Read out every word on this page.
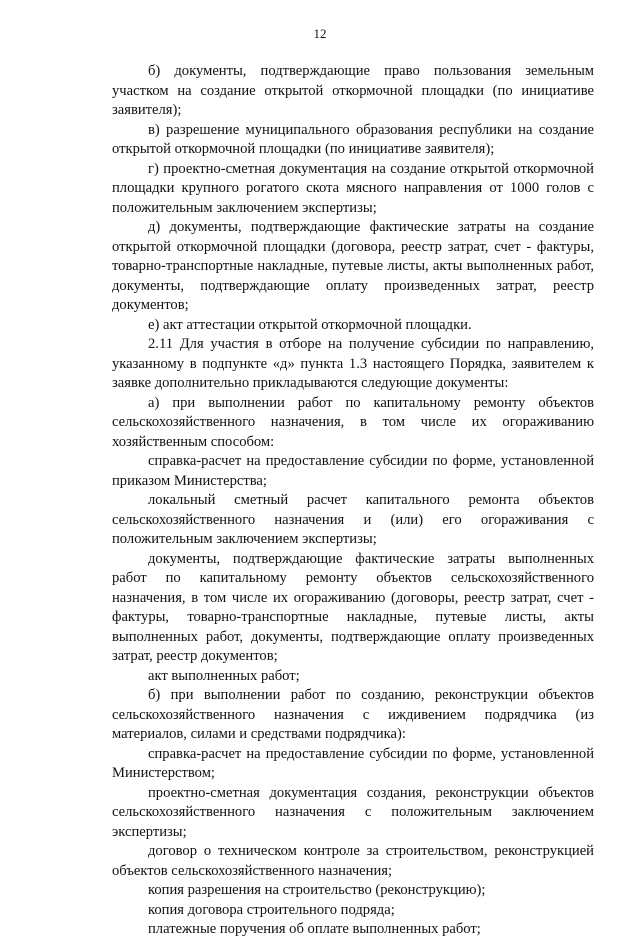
12

б) документы, подтверждающие право пользования земельным участком на создание открытой откормочной площадки (по инициативе заявителя);

в) разрешение муниципального образования республики на создание открытой откормочной площадки (по инициативе заявителя);

г) проектно-сметная документация на создание открытой откормочной площадки крупного рогатого скота мясного направления от 1000 голов с положительным заключением экспертизы;

д) документы, подтверждающие фактические затраты на создание открытой откормочной площадки (договора, реестр затрат, счет - фактуры, товарно-транспортные накладные, путевые листы, акты выполненных работ, документы, подтверждающие оплату произведенных затрат, реестр документов;

е) акт аттестации открытой откормочной площадки.

2.11 Для участия в отборе на получение субсидии по направлению, указанному в подпункте «д» пункта 1.3 настоящего Порядка, заявителем к заявке дополнительно прикладываются следующие документы:

а) при выполнении работ по капитальному ремонту объектов сельскохозяйственного назначения, в том числе их огораживанию хозяйственным способом:

справка-расчет на предоставление субсидии по форме, установленной приказом Министерства;

локальный сметный расчет капитального ремонта объектов сельскохозяйственного назначения и (или) его огораживания с положительным заключением экспертизы;

документы, подтверждающие фактические затраты выполненных работ по капитальному ремонту объектов сельскохозяйственного назначения, в том числе их огораживанию (договоры, реестр затрат, счет - фактуры, товарно-транспортные накладные, путевые листы, акты выполненных работ, документы, подтверждающие оплату произведенных затрат, реестр документов;

акт выполненных работ;

б) при выполнении работ по созданию, реконструкции объектов сельскохозяйственного назначения с иждивением подрядчика (из материалов, силами и средствами подрядчика):

справка-расчет на предоставление субсидии по форме, установленной Министерством;

проектно-сметная документация создания, реконструкции объектов сельскохозяйственного назначения с положительным заключением экспертизы;

договор о техническом контроле за строительством, реконструкцией объектов сельскохозяйственного назначения;

копия разрешения на строительство (реконструкцию);

копия договора строительного подряда;

платежные поручения об оплате выполненных работ;
